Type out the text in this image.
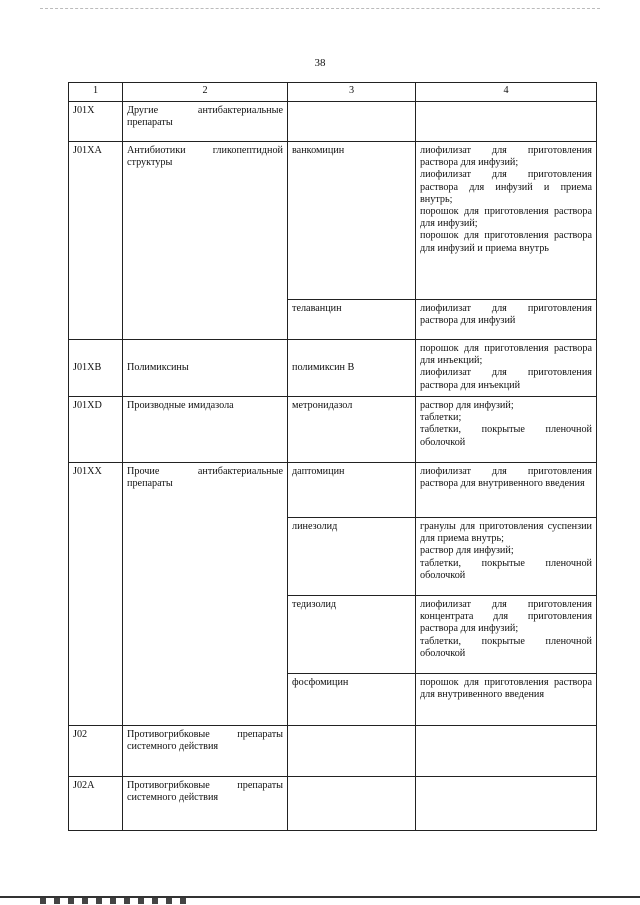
38
1	2	3	4
J01X	Другие антибактериальные препараты		
J01XA	Антибиотики гликопептидной структуры	ванкомицин	лиофилизат для приготовления раствора для инфузий;
лиофилизат для приготовления раствора для инфузий и приема внутрь;
порошок для приготовления раствора для инфузий;
порошок для приготовления раствора для инфузий и приема внутрь
		телаванцин	лиофилизат для приготовления раствора для инфузий
J01XB	Полимиксины	полимиксин В	порошок для приготовления раствора для инъекций;
лиофилизат для приготовления раствора для инъекций
J01XD	Производные имидазола	метронидазол	раствор для инфузий;
таблетки;
таблетки, покрытые пленочной оболочкой
J01XX	Прочие антибактериальные препараты	даптомицин	лиофилизат для приготовления раствора для внутривенного введения
		линезолид	гранулы для приготовления суспензии для приема внутрь;
раствор для инфузий;
таблетки, покрытые пленочной оболочкой
		тедизолид	лиофилизат для приготовления концентрата для приготовления раствора для инфузий;
таблетки, покрытые пленочной оболочкой
		фосфомицин	порошок для приготовления раствора для внутривенного введения
J02	Противогрибковые препараты системного действия		
J02A	Противогрибковые препараты системного действия		
